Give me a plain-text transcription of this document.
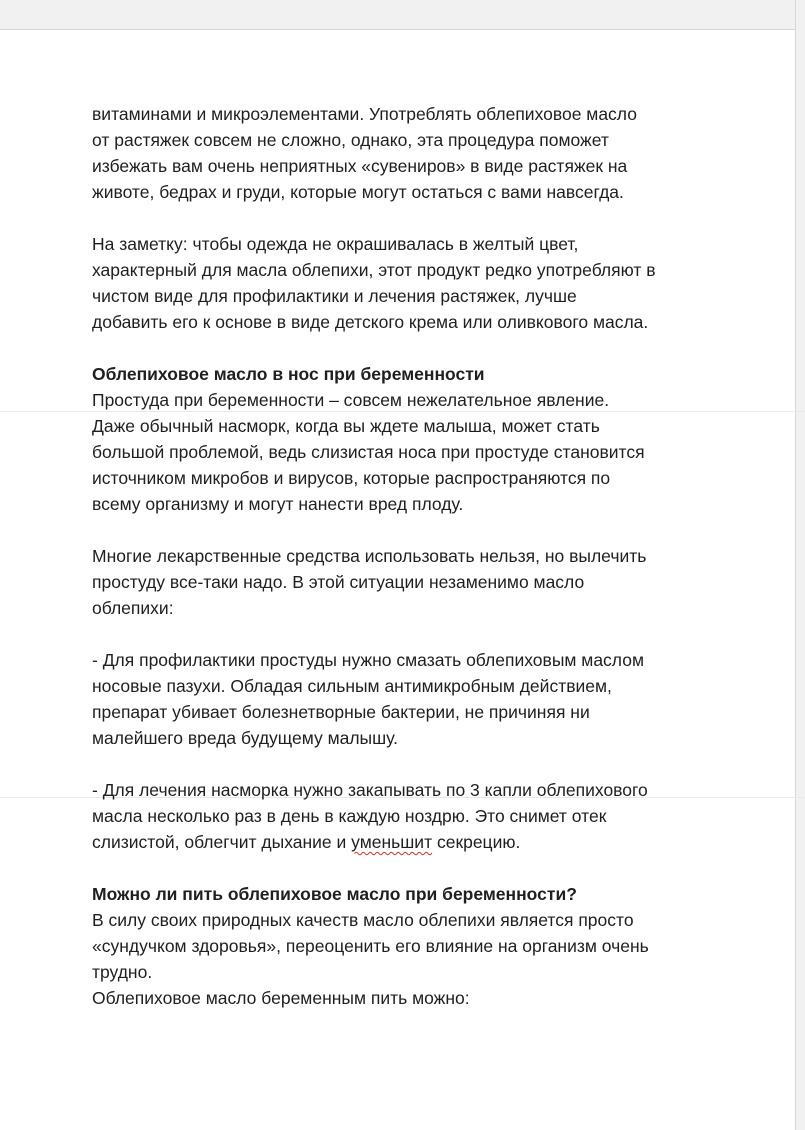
витаминами и микроэлементами. Употреблять облепиховое масло
от растяжек совсем не сложно, однако, эта процедура поможет
избежать вам очень неприятных «сувениров» в виде растяжек на
животе, бедрах и груди, которые могут остаться с вами навсегда.
На заметку: чтобы одежда не окрашивалась в желтый цвет,
характерный для масла облепихи, этот продукт редко употребляют в
чистом виде для профилактики и лечения растяжек, лучше
добавить его к основе в виде детского крема или оливкового масла.
Облепиховое масло в нос при беременности
Простуда при беременности – совсем нежелательное явление.
Даже обычный насморк, когда вы ждете малыша, может стать
большой проблемой, ведь слизистая носа при простуде становится
источником микробов и вирусов, которые распространяются по
всему организму и могут нанести вред плоду.
Многие лекарственные средства использовать нельзя, но вылечить
простуду все-таки надо. В этой ситуации незаменимо масло
облепихи:
- Для профилактики простуды нужно смазать облепиховым маслом
носовые пазухи. Обладая сильным антимикробным действием,
препарат убивает болезнетворные бактерии, не причиняя ни
малейшего вреда будущему малышу.
- Для лечения насморка нужно закапывать по 3 капли облепихового
масла несколько раз в день в каждую ноздрю. Это снимет отек
слизистой, облегчит дыхание и уменьшит секрецию.
Можно ли пить облепиховое масло при беременности?
В силу своих природных качеств масло облепихи является просто
«сундучком здоровья», переоценить его влияние на организм очень
трудно.
Облепиховое масло беременным пить можно:
